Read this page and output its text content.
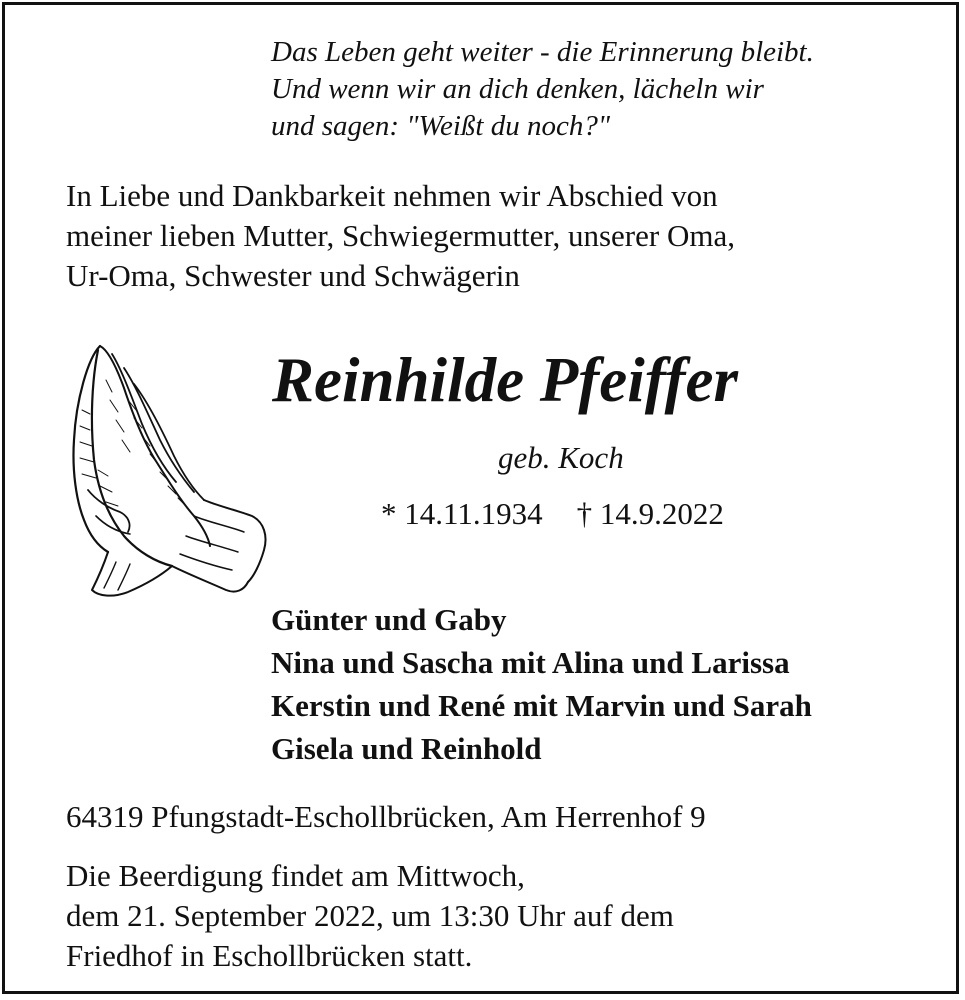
Das Leben geht weiter - die Erinnerung bleibt.
Und wenn wir an dich denken, lächeln wir
und sagen: "Weißt du noch?"
In Liebe und Dankbarkeit nehmen wir Abschied von
meiner lieben Mutter, Schwiegermutter, unserer Oma,
Ur-Oma, Schwester und Schwägerin
Reinhilde Pfeiffer
geb. Koch
* 14.11.1934 † 14.9.2022
Günter und Gaby
Nina und Sascha mit Alina und Larissa
Kerstin und René mit Marvin und Sarah
Gisela und Reinhold
64319 Pfungstadt-Eschollbrücken, Am Herrenhof 9
Die Beerdigung findet am Mittwoch,
dem 21. September 2022, um 13:30 Uhr auf dem
Friedhof in Eschollbrücken statt.
